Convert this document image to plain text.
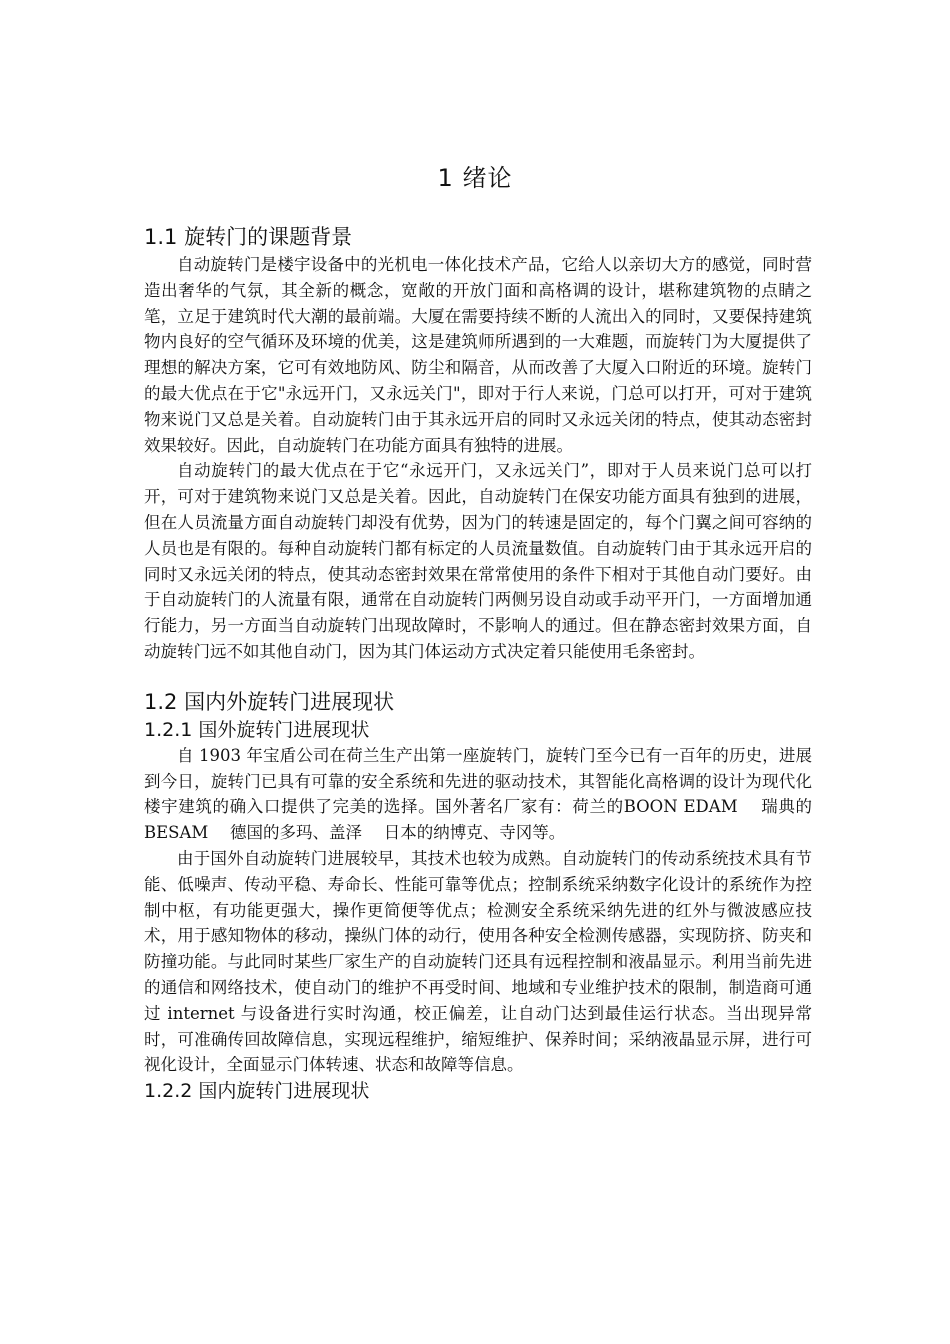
1 绪论
1.1 旋转门的课题背景

自动旋转门是楼宇设备中的光机电一体化技术产品，它给人以亲切大方的感觉，同时营造出奢华的气氛，其全新的概念，宽敞的开放门面和高格调的设计，堪称建筑物的点睛之笔，立足于建筑时代大潮的最前端。大厦在需要持续不断的人流出入的同时，又要保持建筑物内良好的空气循环及环境的优美，这是建筑师所遇到的一大难题，而旋转门为大厦提供了理想的解决方案，它可有效地防风、防尘和隔音，从而改善了大厦入口附近的环境。旋转门的最大优点在于它"永远开门，又永远关门"，即对于行人来说，门总可以打开，可对于建筑物来说门又总是关着。自动旋转门由于其永远开启的同时又永远关闭的特点，使其动态密封效果较好。因此，自动旋转门在功能方面具有独特的进展。

自动旋转门的最大优点在于它“永远开门，又永远关门”，即对于人员来说门总可以打开，可对于建筑物来说门又总是关着。因此，自动旋转门在保安功能方面具有独到的进展，但在人员流量方面自动旋转门却没有优势，因为门的转速是固定的，每个门翼之间可容纳的人员也是有限的。每种自动旋转门都有标定的人员流量数值。自动旋转门由于其永远开启的同时又永远关闭的特点，使其动态密封效果在常常使用的条件下相对于其他自动门要好。由于自动旋转门的人流量有限，通常在自动旋转门两侧另设自动或手动平开门，一方面增加通行能力，另一方面当自动旋转门出现故障时，不影响人的通过。但在静态密封效果方面，自动旋转门远不如其他自动门，因为其门体运动方式决定着只能使用毛条密封。

1.2 国内外旋转门进展现状
1.2.1 国外旋转门进展现状

自 1903 年宝盾公司在荷兰生产出第一座旋转门，旋转门至今已有一百年的历史，进展到今日，旋转门已具有可靠的安全系统和先进的驱动技术，其智能化高格调的设计为现代化楼宇建筑的确入口提供了完美的选择。国外著名厂家有：荷兰的BOON EDAM　 瑞典的BESAM　 德国的多玛、盖泽　 日本的纳博克、寺冈等。

由于国外自动旋转门进展较早，其技术也较为成熟。自动旋转门的传动系统技术具有节能、低噪声、传动平稳、寿命长、性能可靠等优点；控制系统采纳数字化设计的系统作为控制中枢，有功能更强大，操作更简便等优点；检测安全系统采纳先进的红外与微波感应技术，用于感知物体的移动，操纵门体的动行，使用各种安全检测传感器，实现防挤、防夹和防撞功能。与此同时某些厂家生产的自动旋转门还具有远程控制和液晶显示。利用当前先进的通信和网络技术，使自动门的维护不再受时间、地域和专业维护技术的限制，制造商可通过 internet 与设备进行实时沟通，校正偏差，让自动门达到最佳运行状态。当出现异常时，可准确传回故障信息，实现远程维护，缩短维护、保养时间；采纳液晶显示屏，进行可视化设计，全面显示门体转速、状态和故障等信息。

1.2.2 国内旋转门进展现状
